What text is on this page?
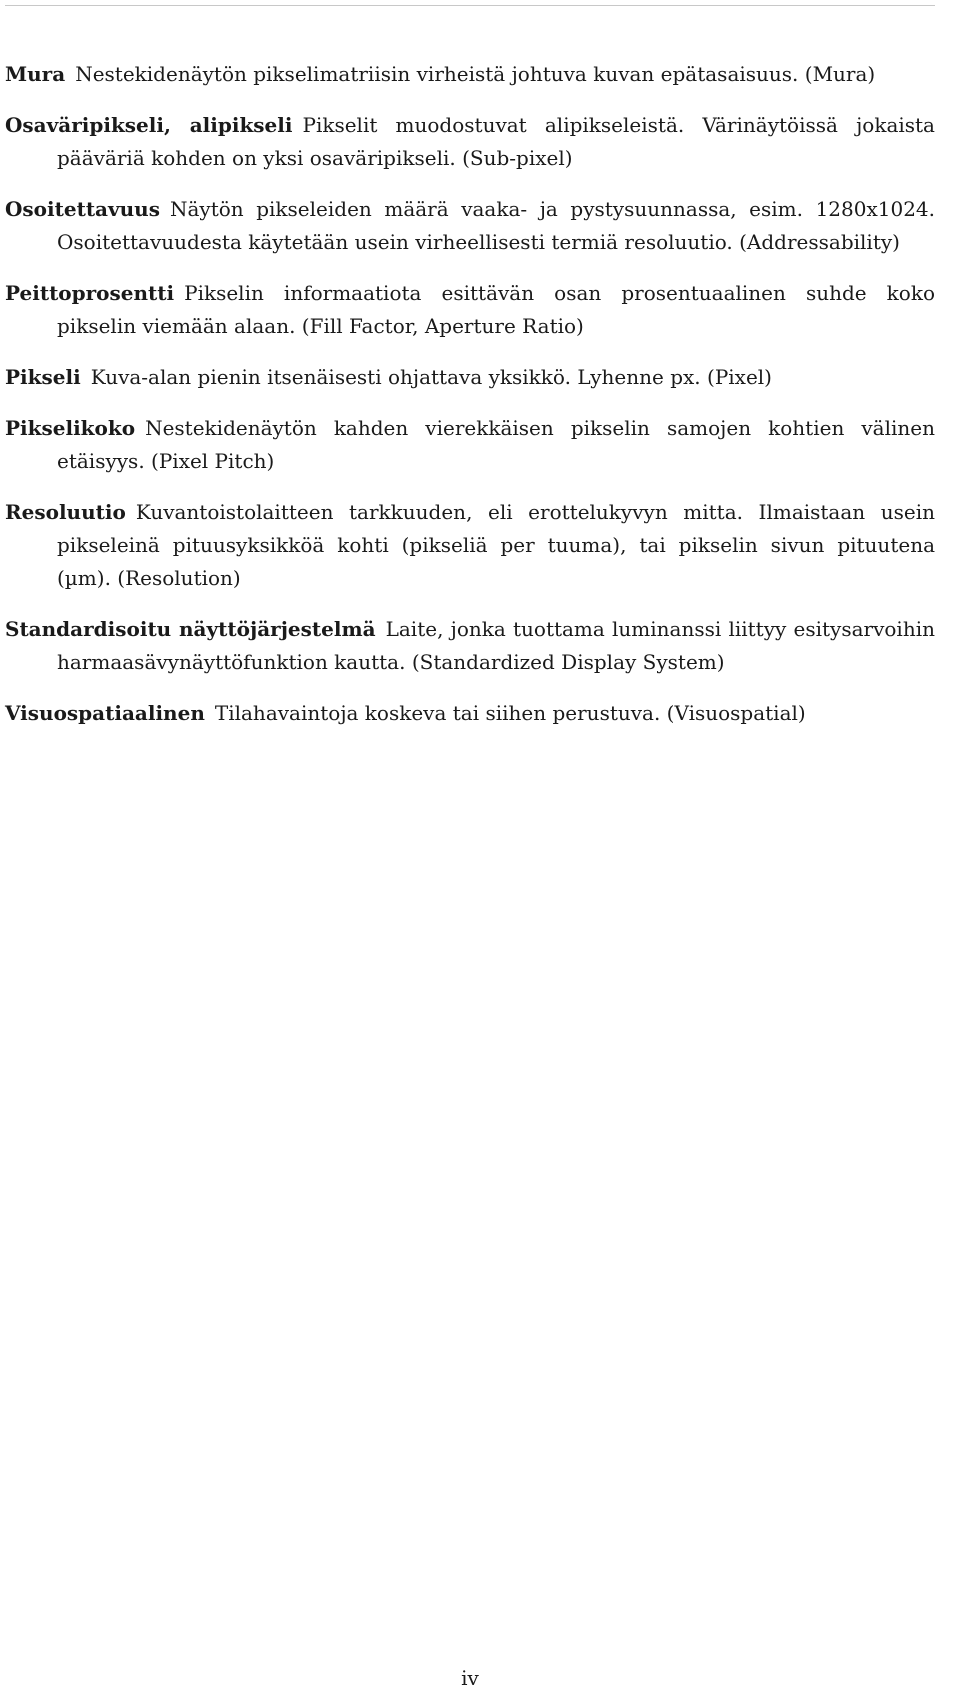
Mura Nestekidenäytön pikselimatriisin virheistä johtuva kuvan epätasaisuus. (Mura)

Osaväripikseli, alipikseli Pikselit muodostuvat alipikseleistä. Värinäytöissä jokaista pääväriä kohden on yksi osaväripikseli. (Sub-pixel)

Osoitettavuus Näytön pikseleiden määrä vaaka- ja pystysuunnassa, esim. 1280x1024. Osoitettavuudesta käytetään usein virheellisesti termiä resoluutio. (Addressability)

Peittoprosentti Pikselin informaatiota esittävän osan prosentuaalinen suhde koko pikselin viemään alaan. (Fill Factor, Aperture Ratio)

Pikseli Kuva-alan pienin itsenäisesti ohjattava yksikkö. Lyhenne px. (Pixel)

Pikselikoko Nestekidenäytön kahden vierekkäisen pikselin samojen kohtien välinen etäisyys. (Pixel Pitch)

Resoluutio Kuvantoistolaitteen tarkkuuden, eli erottelukyvyn mitta. Ilmaistaan usein pikseleinä pituusyksikköä kohti (pikseliä per tuuma), tai pikselin sivun pituutena (µm). (Resolution)

Standardisoitu näyttöjärjestelmä Laite, jonka tuottama luminanssi liittyy esitysarvoihin harmaasävynäyttöfunktion kautta. (Standardized Display System)

Visuospatiaalinen Tilahavaintoja koskeva tai siihen perustuva. (Visuospatial)

iv
